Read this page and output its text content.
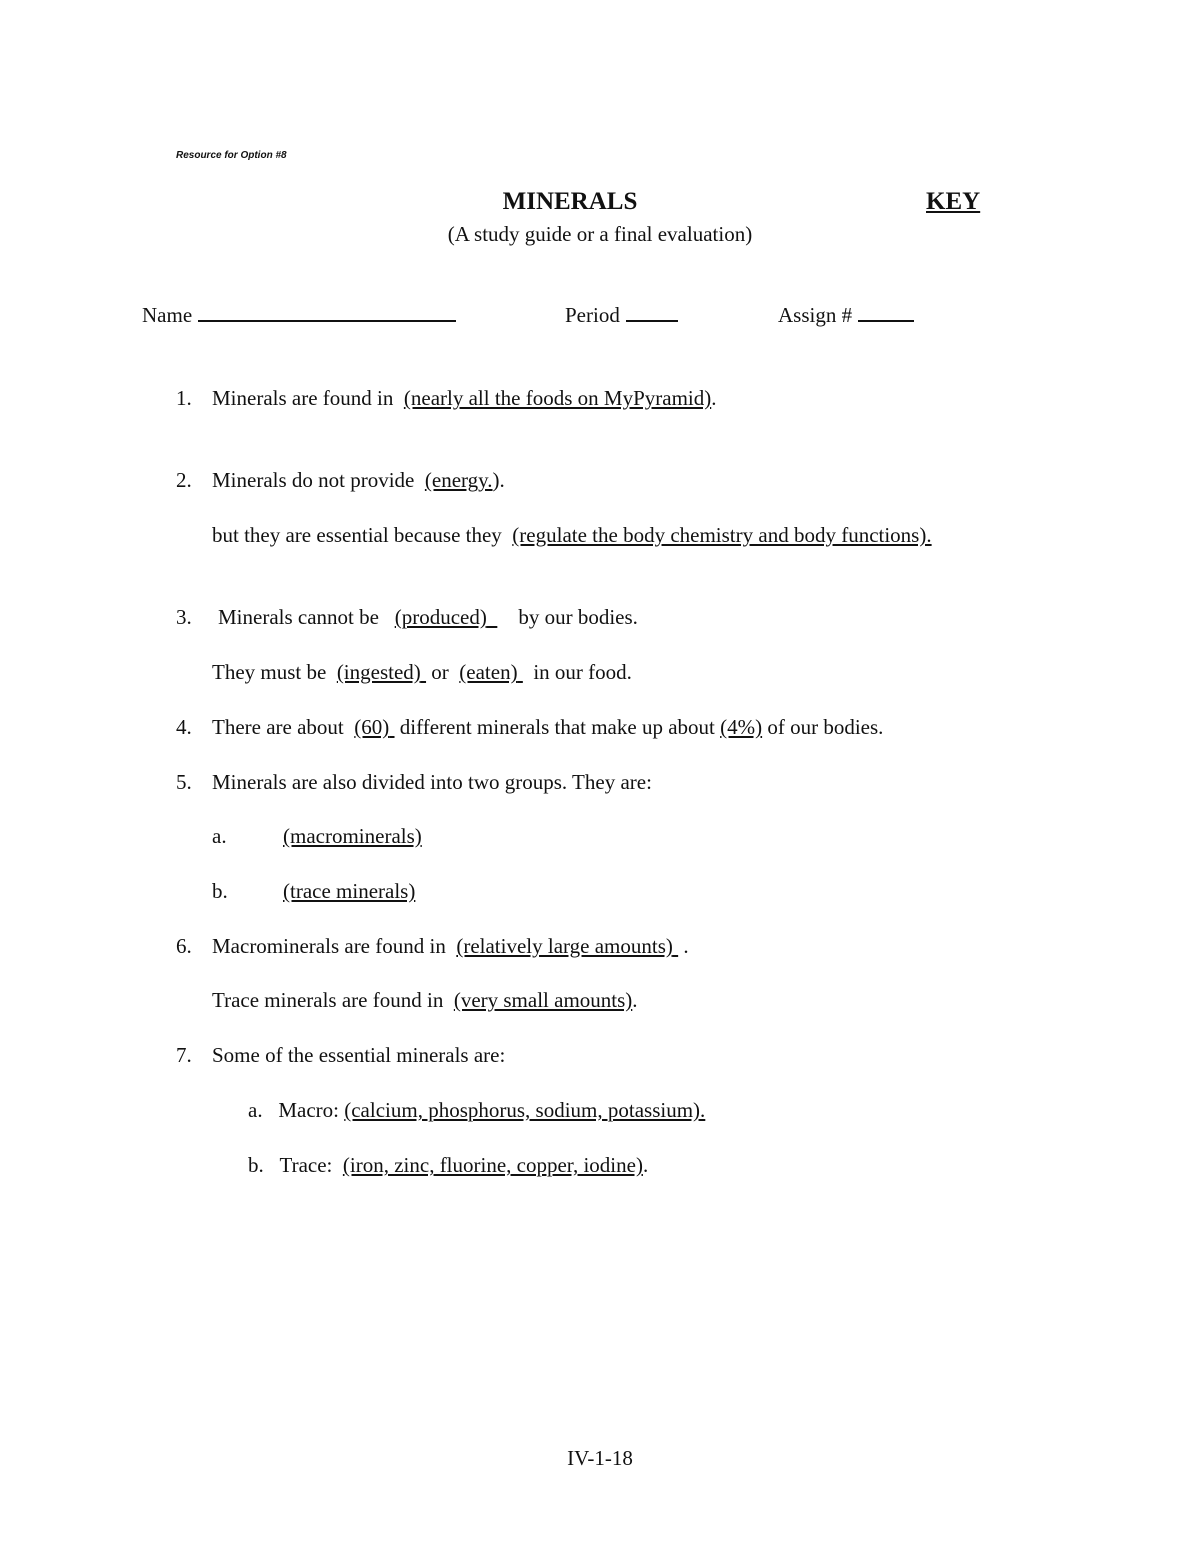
Resource for Option #8
MINERALS	KEY
(A study guide or a final evaluation)
Name	Period	Assign #
1. Minerals are found in (nearly all the foods on MyPyramid).
2. Minerals do not provide (energy.).
but they are essential because they (regulate the body chemistry and body functions).
3. Minerals cannot be (produced) by our bodies.
They must be (ingested) or (eaten) in our food.
4. There are about (60) different minerals that make up about (4%) of our bodies.
5. Minerals are also divided into two groups. They are:
a.	(macrominerals)
b.	(trace minerals)
6. Macrominerals are found in (relatively large amounts) .
Trace minerals are found in (very small amounts).
7. Some of the essential minerals are:
a. Macro: (calcium, phosphorus, sodium, potassium).
b. Trace: (iron, zinc, fluorine, copper, iodine).
IV-1-18
